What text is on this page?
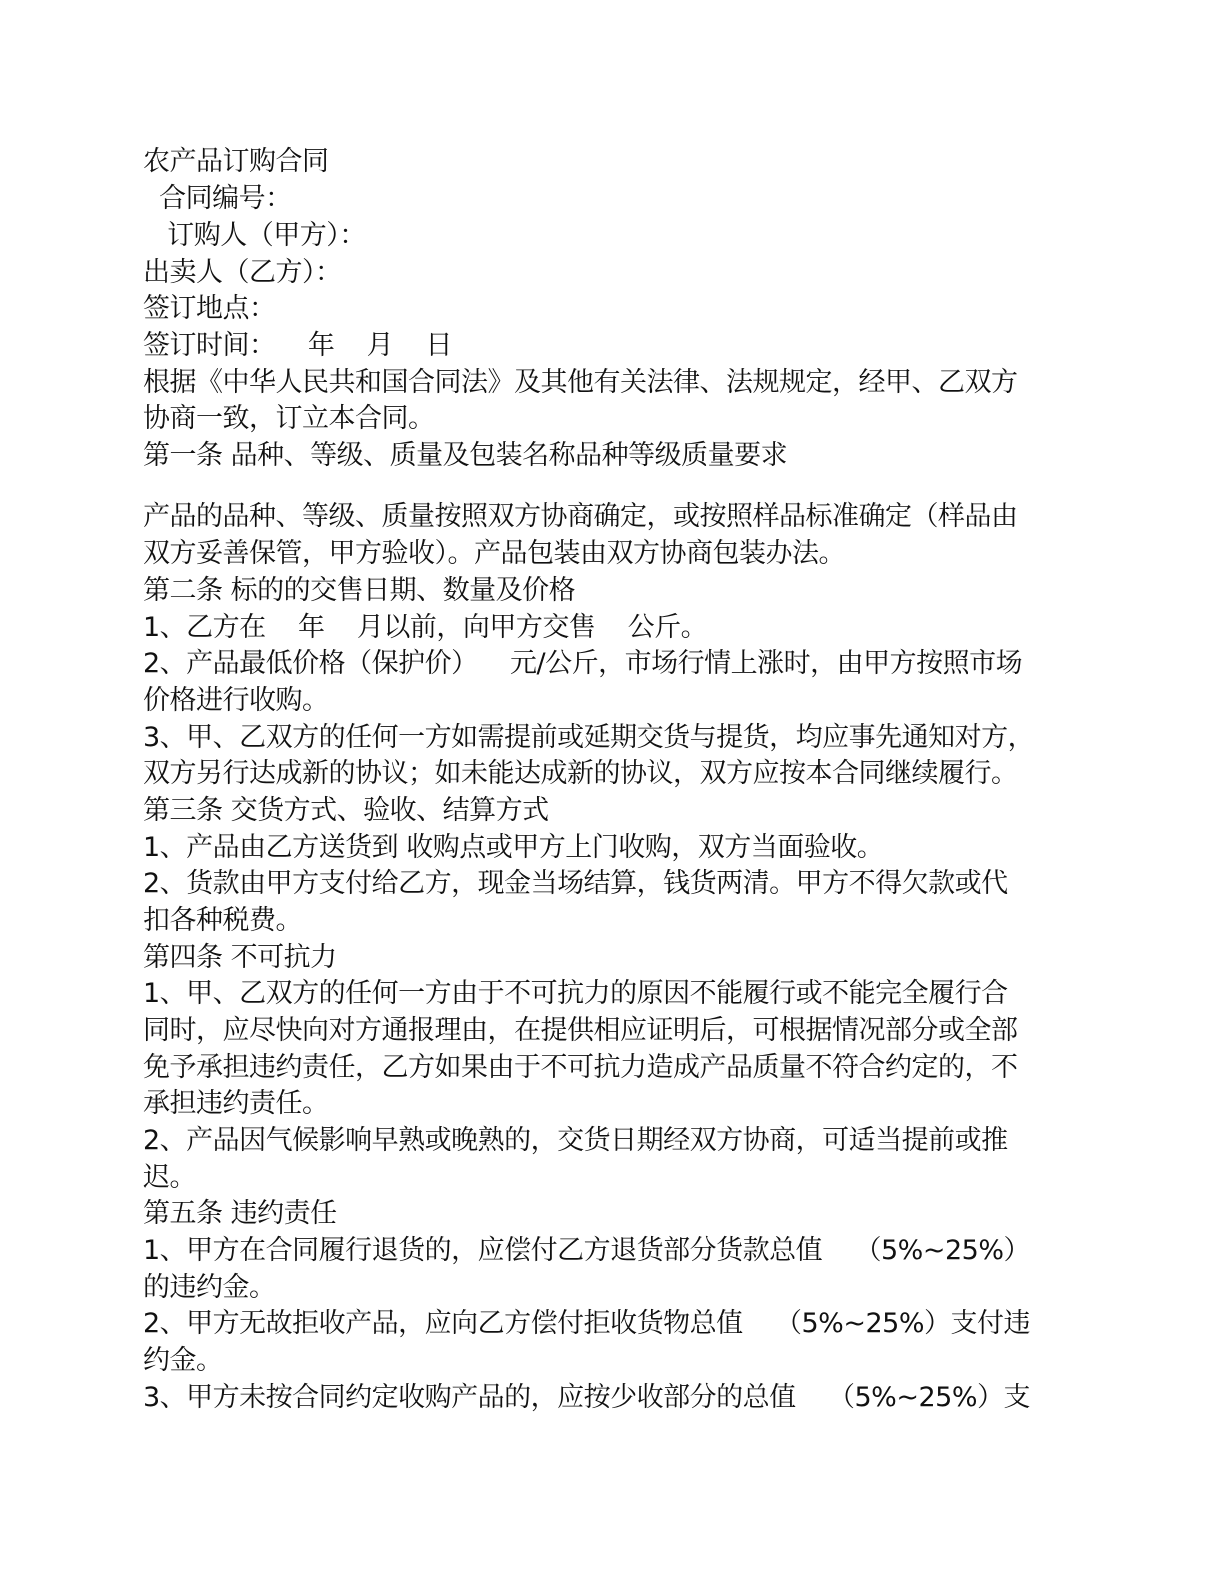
农产品订购合同
合同编号：
订购人（甲方）：
出卖人（乙方）：
签订地点：
签订时间：    年    月    日
根据《中华人民共和国合同法》及其他有关法律、法规规定，经甲、乙双方
协商一致，订立本合同。
第一条 品种、等级、质量及包装名称品种等级质量要求
产品的品种、等级、质量按照双方协商确定，或按照样品标准确定（样品由
双方妥善保管，甲方验收）。产品包装由双方协商包装办法。
第二条 标的的交售日期、数量及价格
1、乙方在    年    月以前，向甲方交售    公斤。
2、产品最低价格（保护价）    元/公斤，市场行情上涨时，由甲方按照市场
价格进行收购。
3、甲、乙双方的任何一方如需提前或延期交货与提货，均应事先通知对方，
双方另行达成新的协议；如未能达成新的协议，双方应按本合同继续履行。
第三条 交货方式、验收、结算方式
1、产品由乙方送货到 收购点或甲方上门收购，双方当面验收。
2、货款由甲方支付给乙方，现金当场结算，钱货两清。甲方不得欠款或代
扣各种税费。
第四条 不可抗力
1、甲、乙双方的任何一方由于不可抗力的原因不能履行或不能完全履行合
同时，应尽快向对方通报理由，在提供相应证明后，可根据情况部分或全部
免予承担违约责任，乙方如果由于不可抗力造成产品质量不符合约定的，不
承担违约责任。
2、产品因气候影响早熟或晚熟的，交货日期经双方协商，可适当提前或推
迟。
第五条 违约责任
1、甲方在合同履行退货的，应偿付乙方退货部分货款总值    （5%~25%）
的违约金。
2、甲方无故拒收产品，应向乙方偿付拒收货物总值    （5%~25%）支付违
约金。
3、甲方未按合同约定收购产品的，应按少收部分的总值    （5%~25%）支
